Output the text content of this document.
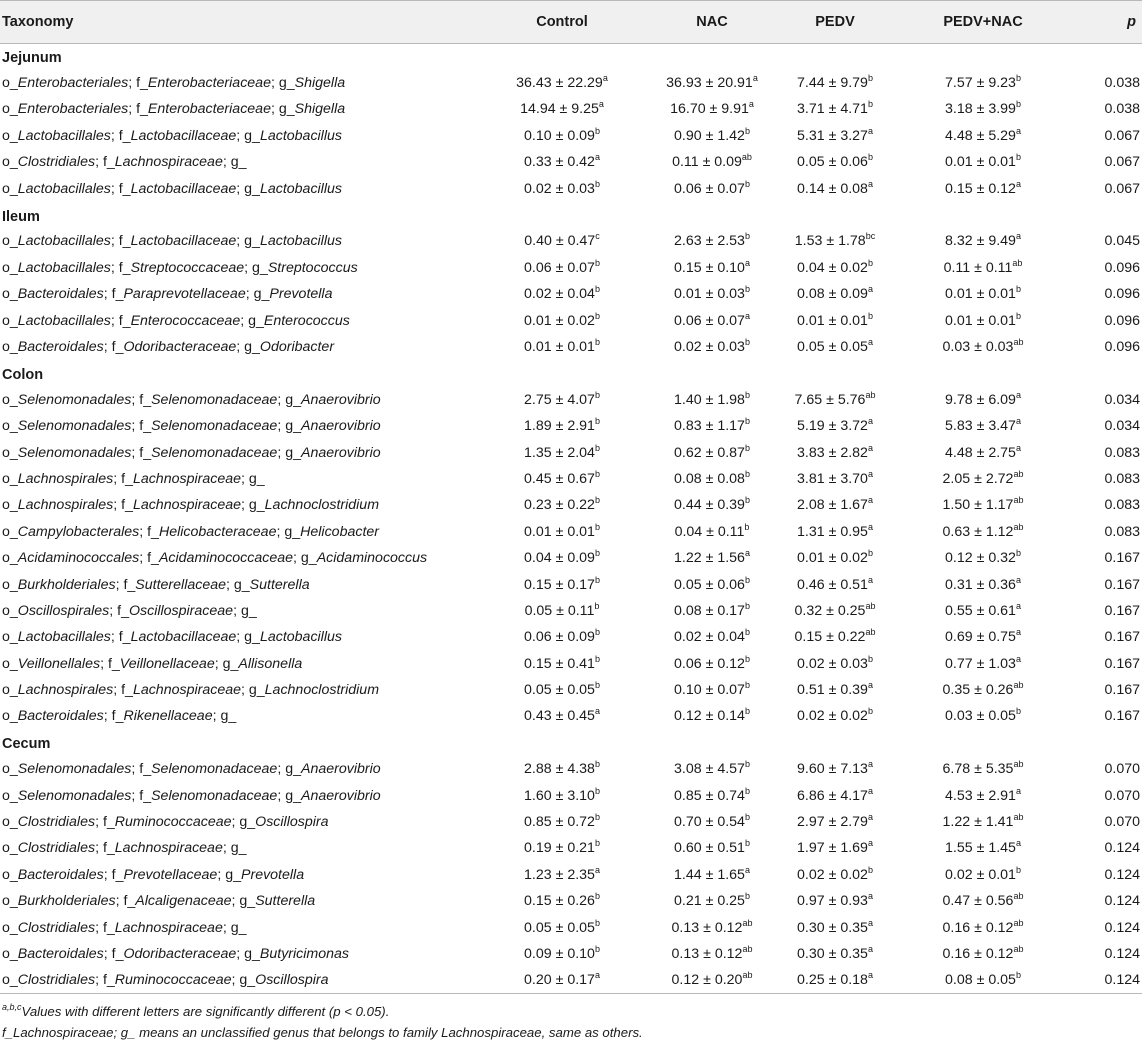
Taxonomy	Control	NAC	PEDV	PEDV+NAC	p
Jejunum					
o_Enterobacteriales; f_Enterobacteriaceae; g_Shigella	36.43 ± 22.29$^a$	36.93 ± 20.91$^a$	7.44 ± 9.79$^b$	7.57 ± 9.23$^b$	0.038
o_Enterobacteriales; f_Enterobacteriaceae; g_Shigella	14.94 ± 9.25$^a$	16.70 ± 9.91$^a$	3.71 ± 4.71$^b$	3.18 ± 3.99$^b$	0.038
o_Lactobacillales; f_Lactobacillaceae; g_Lactobacillus	0.10 ± 0.09$^b$	0.90 ± 1.42$^b$	5.31 ± 3.27$^a$	4.48 ± 5.29$^a$	0.067
o_Clostridiales; f_Lachnospiraceae; g_	0.33 ± 0.42$^a$	0.11 ± 0.09$^{ab}$	0.05 ± 0.06$^b$	0.01 ± 0.01$^b$	0.067
o_Lactobacillales; f_Lactobacillaceae; g_Lactobacillus	0.02 ± 0.03$^b$	0.06 ± 0.07$^b$	0.14 ± 0.08$^a$	0.15 ± 0.12$^a$	0.067
Ileum					
o_Lactobacillales; f_Lactobacillaceae; g_Lactobacillus	0.40 ± 0.47$^c$	2.63 ± 2.53$^b$	1.53 ± 1.78$^{bc}$	8.32 ± 9.49$^a$	0.045
o_Lactobacillales; f_Streptococcaceae; g_Streptococcus	0.06 ± 0.07$^b$	0.15 ± 0.10$^a$	0.04 ± 0.02$^b$	0.11 ± 0.11$^{ab}$	0.096
o_Bacteroidales; f_Paraprevotellaceae; g_Prevotella	0.02 ± 0.04$^b$	0.01 ± 0.03$^b$	0.08 ± 0.09$^a$	0.01 ± 0.01$^b$	0.096
o_Lactobacillales; f_Enterococcaceae; g_Enterococcus	0.01 ± 0.02$^b$	0.06 ± 0.07$^a$	0.01 ± 0.01$^b$	0.01 ± 0.01$^b$	0.096
o_Bacteroidales; f_Odoribacteraceae; g_Odoribacter	0.01 ± 0.01$^b$	0.02 ± 0.03$^b$	0.05 ± 0.05$^a$	0.03 ± 0.03$^{ab}$	0.096
Colon					
o_Selenomonadales; f_Selenomonadaceae; g_Anaerovibrio	2.75 ± 4.07$^b$	1.40 ± 1.98$^b$	7.65 ± 5.76$^{ab}$	9.78 ± 6.09$^a$	0.034
o_Selenomonadales; f_Selenomonadaceae; g_Anaerovibrio	1.89 ± 2.91$^b$	0.83 ± 1.17$^b$	5.19 ± 3.72$^a$	5.83 ± 3.47$^a$	0.034
o_Selenomonadales; f_Selenomonadaceae; g_Anaerovibrio	1.35 ± 2.04$^b$	0.62 ± 0.87$^b$	3.83 ± 2.82$^a$	4.48 ± 2.75$^a$	0.083
o_Lachnospirales; f_Lachnospiraceae; g_	0.45 ± 0.67$^b$	0.08 ± 0.08$^b$	3.81 ± 3.70$^a$	2.05 ± 2.72$^{ab}$	0.083
o_Lachnospirales; f_Lachnospiraceae; g_Lachnoclostridium	0.23 ± 0.22$^b$	0.44 ± 0.39$^b$	2.08 ± 1.67$^a$	1.50 ± 1.17$^{ab}$	0.083
o_Campylobacterales; f_Helicobacteraceae; g_Helicobacter	0.01 ± 0.01$^b$	0.04 ± 0.11$^b$	1.31 ± 0.95$^a$	0.63 ± 1.12$^{ab}$	0.083
o_Acidaminococcales; f_Acidaminococcaceae; g_Acidaminococcus	0.04 ± 0.09$^b$	1.22 ± 1.56$^a$	0.01 ± 0.02$^b$	0.12 ± 0.32$^b$	0.167
o_Burkholderiales; f_Sutterellaceae; g_Sutterella	0.15 ± 0.17$^b$	0.05 ± 0.06$^b$	0.46 ± 0.51$^a$	0.31 ± 0.36$^a$	0.167
o_Oscillospirales; f_Oscillospiraceae; g_	0.05 ± 0.11$^b$	0.08 ± 0.17$^b$	0.32 ± 0.25$^{ab}$	0.55 ± 0.61$^a$	0.167
o_Lactobacillales; f_Lactobacillaceae; g_Lactobacillus	0.06 ± 0.09$^b$	0.02 ± 0.04$^b$	0.15 ± 0.22$^{ab}$	0.69 ± 0.75$^a$	0.167
o_Veillonellales; f_Veillonellaceae; g_Allisonella	0.15 ± 0.41$^b$	0.06 ± 0.12$^b$	0.02 ± 0.03$^b$	0.77 ± 1.03$^a$	0.167
o_Lachnospirales; f_Lachnospiraceae; g_Lachnoclostridium	0.05 ± 0.05$^b$	0.10 ± 0.07$^b$	0.51 ± 0.39$^a$	0.35 ± 0.26$^{ab}$	0.167
o_Bacteroidales; f_Rikenellaceae; g_	0.43 ± 0.45$^a$	0.12 ± 0.14$^b$	0.02 ± 0.02$^b$	0.03 ± 0.05$^b$	0.167
Cecum					
o_Selenomonadales; f_Selenomonadaceae; g_Anaerovibrio	2.88 ± 4.38$^b$	3.08 ± 4.57$^b$	9.60 ± 7.13$^a$	6.78 ± 5.35$^{ab}$	0.070
o_Selenomonadales; f_Selenomonadaceae; g_Anaerovibrio	1.60 ± 3.10$^b$	0.85 ± 0.74$^b$	6.86 ± 4.17$^a$	4.53 ± 2.91$^a$	0.070
o_Clostridiales; f_Ruminococcaceae; g_Oscillospira	0.85 ± 0.72$^b$	0.70 ± 0.54$^b$	2.97 ± 2.79$^a$	1.22 ± 1.41$^{ab}$	0.070
o_Clostridiales; f_Lachnospiraceae; g_	0.19 ± 0.21$^b$	0.60 ± 0.51$^b$	1.97 ± 1.69$^a$	1.55 ± 1.45$^a$	0.124
o_Bacteroidales; f_Prevotellaceae; g_Prevotella	1.23 ± 2.35$^a$	1.44 ± 1.65$^a$	0.02 ± 0.02$^b$	0.02 ± 0.01$^b$	0.124
o_Burkholderiales; f_Alcaligenaceae; g_Sutterella	0.15 ± 0.26$^b$	0.21 ± 0.25$^b$	0.97 ± 0.93$^a$	0.47 ± 0.56$^{ab}$	0.124
o_Clostridiales; f_Lachnospiraceae; g_	0.05 ± 0.05$^b$	0.13 ± 0.12$^{ab}$	0.30 ± 0.35$^a$	0.16 ± 0.12$^{ab}$	0.124
o_Bacteroidales; f_Odoribacteraceae; g_Butyricimonas	0.09 ± 0.10$^b$	0.13 ± 0.12$^{ab}$	0.30 ± 0.35$^a$	0.16 ± 0.12$^{ab}$	0.124
o_Clostridiales; f_Ruminococcaceae; g_Oscillospira	0.20 ± 0.17$^a$	0.12 ± 0.20$^{ab}$	0.25 ± 0.18$^a$	0.08 ± 0.05$^b$	0.124

$^{a,b,c}$Values with different letters are significantly different (p < 0.05).

f_Lachnospiraceae; g_ means an unclassified genus that belongs to family Lachnospiraceae, same as others.
